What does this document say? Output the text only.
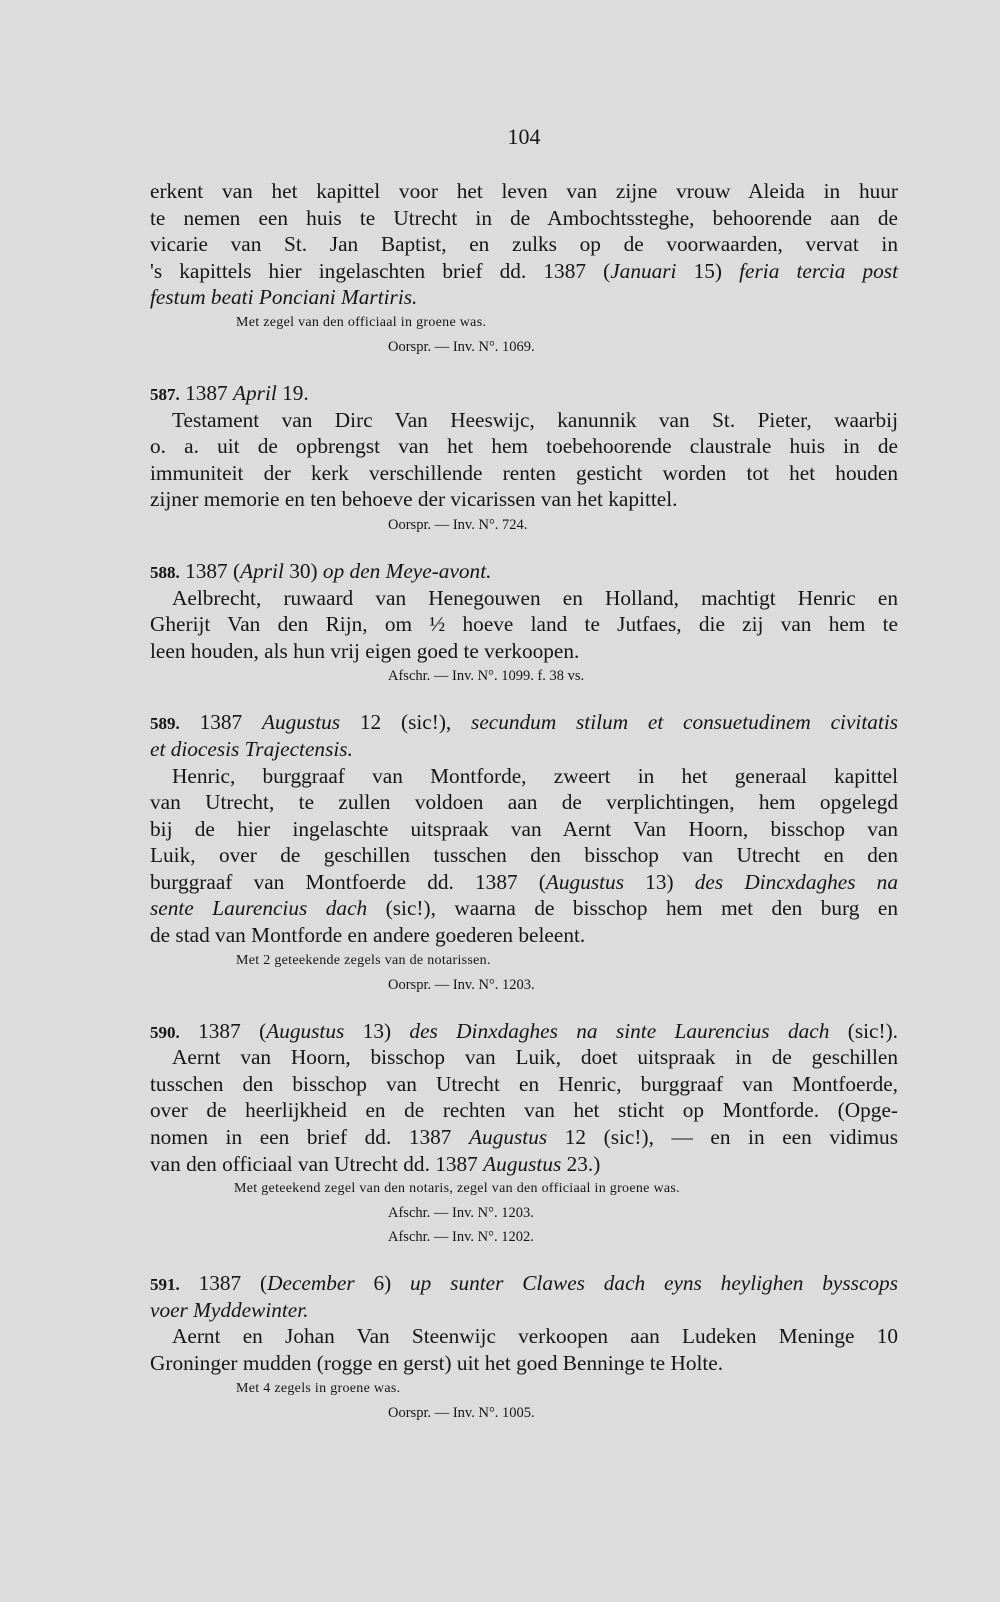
104
erkent van het kapittel voor het leven van zijne vrouw Aleida in huur
te nemen een huis te Utrecht in de Ambochtssteghe, behoorende aan de
vicarie van St. Jan Baptist, en zulks op de voorwaarden, vervat in
's kapittels hier ingelaschten brief dd. 1387 (Januari 15) feria tercia post
festum beati Ponciani Martiris.
Met zegel van den officiaal in groene was.
Oorspr. — Inv. N°. 1069.
587. 1387 April 19.
Testament van Dirc Van Heeswijc, kanunnik van St. Pieter, waarbij
o. a. uit de opbrengst van het hem toebehoorende claustrale huis in de
immuniteit der kerk verschillende renten gesticht worden tot het houden
zijner memorie en ten behoeve der vicarissen van het kapittel.
Oorspr. — Inv. N°. 724.
588. 1387 (April 30) op den Meye-avont.
Aelbrecht, ruwaard van Henegouwen en Holland, machtigt Henric en
Gherijt Van den Rijn, om ½ hoeve land te Jutfaes, die zij van hem te
leen houden, als hun vrij eigen goed te verkoopen.
Afschr. — Inv. N°. 1099. f. 38 vs.
589. 1387 Augustus 12 (sic!), secundum stilum et consuetudinem civitatis
et diocesis Trajectensis.
Henric, burggraaf van Montforde, zweert in het generaal kapittel
van Utrecht, te zullen voldoen aan de verplichtingen, hem opgelegd
bij de hier ingelaschte uitspraak van Aernt Van Hoorn, bisschop van
Luik, over de geschillen tusschen den bisschop van Utrecht en den
burggraaf van Montfoerde dd. 1387 (Augustus 13) des Dincxdaghes na
sente Laurencius dach (sic!), waarna de bisschop hem met den burg en
de stad van Montforde en andere goederen beleent.
Met 2 geteekende zegels van de notarissen.
Oorspr. — Inv. N°. 1203.
590. 1387 (Augustus 13) des Dinxdaghes na sinte Laurencius dach (sic!).
Aernt van Hoorn, bisschop van Luik, doet uitspraak in de geschillen
tusschen den bisschop van Utrecht en Henric, burggraaf van Montfoerde,
over de heerlijkheid en de rechten van het sticht op Montforde. (Opge-
nomen in een brief dd. 1387 Augustus 12 (sic!), — en in een vidimus
van den officiaal van Utrecht dd. 1387 Augustus 23.)
Met geteekend zegel van den notaris, zegel van den officiaal in groene was.
Afschr. — Inv. N°. 1203.
Afschr. — Inv. N°. 1202.
591. 1387 (December 6) up sunter Clawes dach eyns heylighen bysscops
voer Myddewinter.
Aernt en Johan Van Steenwijc verkoopen aan Ludeken Meninge 10
Groninger mudden (rogge en gerst) uit het goed Benninge te Holte.
Met 4 zegels in groene was.
Oorspr. — Inv. N°. 1005.
